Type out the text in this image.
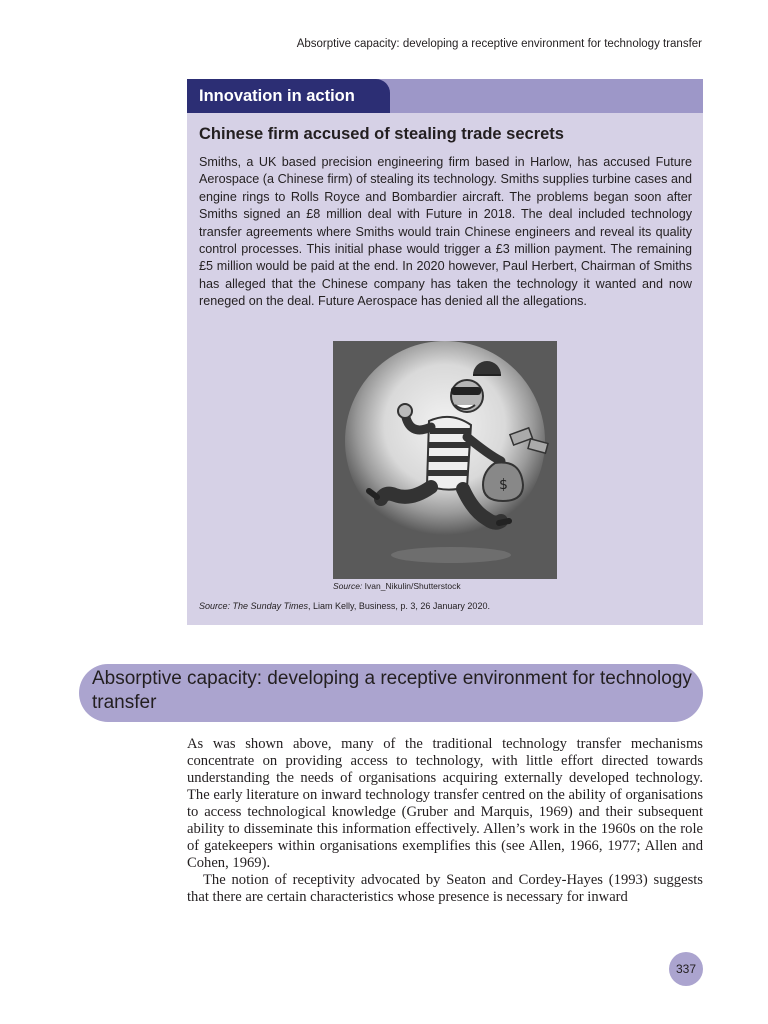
Absorptive capacity: developing a receptive environment for technology transfer
Innovation in action
Chinese firm accused of stealing trade secrets

Smiths, a UK based precision engineering firm based in Harlow, has accused Future Aerospace (a Chinese firm) of stealing its technology. Smiths supplies turbine cases and engine rings to Rolls Royce and Bombardier aircraft. The problems began soon after Smiths signed an £8 million deal with Future in 2018. The deal included technology transfer agreements where Smiths would train Chinese engineers and reveal its quality control processes. This initial phase would trigger a £3 million payment. The remaining £5 million would be paid at the end. In 2020 however, Paul Herbert, Chairman of Smiths has alleged that the Chinese company has taken the technology it wanted and now reneged on the deal. Future Aerospace has denied all the allegations.

$
Source: Ivan_Nikulin/Shutterstock
Source: The Sunday Times, Liam Kelly, Business, p. 3, 26 January 2020.
Absorptive capacity: developing a receptive environment for technology transfer

As was shown above, many of the traditional technology transfer mechanisms concentrate on providing access to technology, with little effort directed towards understanding the needs of organisations acquiring externally developed technology. The early literature on inward technology transfer centred on the ability of organisations to access technological knowledge (Gruber and Marquis, 1969) and their subsequent ability to disseminate this information effectively. Allen’s work in the 1960s on the role of gatekeepers within organisations exemplifies this (see Allen, 1966, 1977; Allen and Cohen, 1969).

The notion of receptivity advocated by Seaton and Cordey-Hayes (1993) suggests that there are certain characteristics whose presence is necessary for inward

337
